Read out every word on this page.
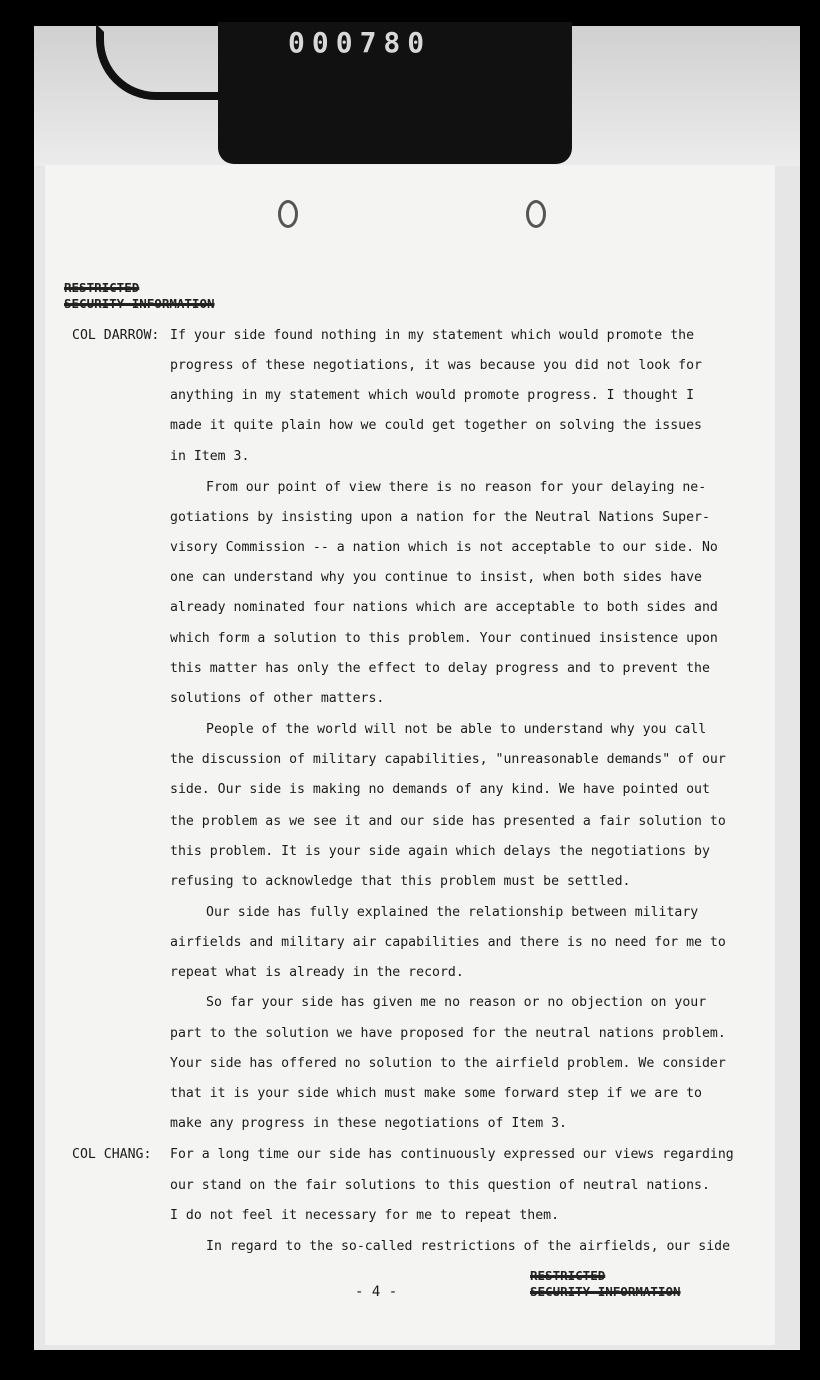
000780
RESTRICTED
SECURITY INFORMATION
COL DARROW: If your side found nothing in my statement which would promote the
progress of these negotiations, it was because you did not look for
anything in my statement which would promote progress. I thought I
made it quite plain how we could get together on solving the issues
in Item 3.
From our point of view there is no reason for your delaying ne-
gotiations by insisting upon a nation for the Neutral Nations Super-
visory Commission -- a nation which is not acceptable to our side. No
one can understand why you continue to insist, when both sides have
already nominated four nations which are acceptable to both sides and
which form a solution to this problem. Your continued insistence upon
this matter has only the effect to delay progress and to prevent the
solutions of other matters.
People of the world will not be able to understand why you call
the discussion of military capabilities, "unreasonable demands" of our
side. Our side is making no demands of any kind. We have pointed out
the problem as we see it and our side has presented a fair solution to
this problem. It is your side again which delays the negotiations by
refusing to acknowledge that this problem must be settled.
Our side has fully explained the relationship between military
airfields and military air capabilities and there is no need for me to
repeat what is already in the record.
So far your side has given me no reason or no objection on your
part to the solution we have proposed for the neutral nations problem.
Your side has offered no solution to the airfield problem. We consider
that it is your side which must make some forward step if we are to
make any progress in these negotiations of Item 3.
COL CHANG: For a long time our side has continuously expressed our views regarding
our stand on the fair solutions to this question of neutral nations.
I do not feel it necessary for me to repeat them.
In regard to the so-called restrictions of the airfields, our side
- 4 -
RESTRICTED
SECURITY INFORMATION
